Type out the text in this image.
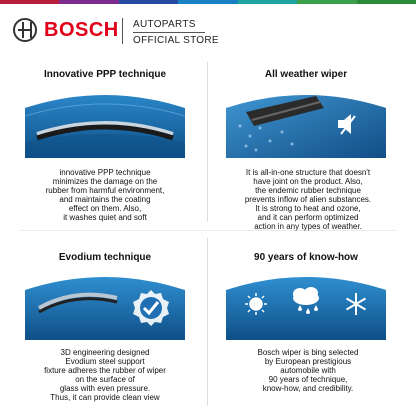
BOSCH AUTOPARTS
OFFICIAL STORE
Innovative PPP technique
innovative PPP technique
minimizes the damage on the
rubber from harmful environment,
and maintains the coating
effect on them. Also,
it washes quiet and soft
All weather wiper
It is all-in-one structure that doesn't
have joint on the product. Also,
the endemic rubber technique
prevents inflow of alien substances.
It is strong to heat and ozone,
and it can perform optimized
action in any types of weather.
Evodium technique
3D engineering designed
Evodium steel support
fixture adheres the rubber of wiper
on the surface of
glass with even pressure.
Thus, it can provide clean view
90 years of know-how
Bosch wiper is bing selected
by European prestigious
automobile with
90 years of technique,
know-how, and credibility.
